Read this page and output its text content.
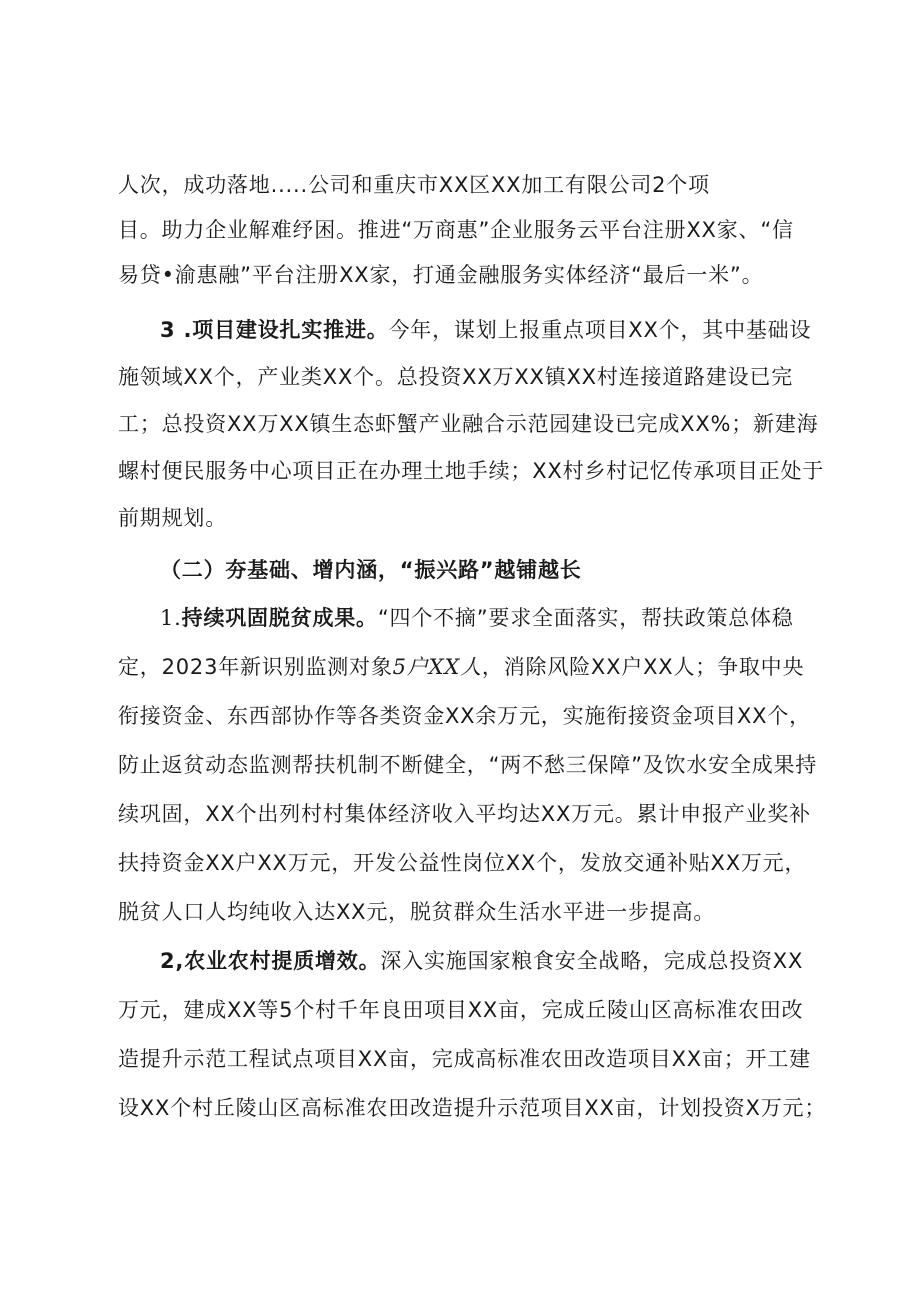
人次，成功落地.....公司和重庆市XX区XX加工有限公司2个项
目。助力企业解难纾困。推进“万商惠”企业服务云平台注册XX家、“信
易贷•渝惠融”平台注册XX家，打通金融服务实体经济“最后一米”。
3 .项目建设扎实推进。今年，谋划上报重点项目XX个，其中基础设
施领域XX个，产业类XX个。总投资XX万XX镇XX村连接道路建设已完
工；总投资XX万XX镇生态虾蟹产业融合示范园建设已完成XX%；新建海
螺村便民服务中心项目正在办理土地手续；XX村乡村记忆传承项目正处于
前期规划。
（二）夯基础、增内涵，“振兴路”越铺越长
1.持续巩固脱贫成果。“四个不摘”要求全面落实，帮扶政策总体稳
定，2023年新识别监测对象5户XX人，消除风险XX户XX人；争取中央
衔接资金、东西部协作等各类资金XX余万元，实施衔接资金项目XX个，
防止返贫动态监测帮扶机制不断健全，“两不愁三保障”及饮水安全成果持
续巩固，XX个出列村村集体经济收入平均达XX万元。累计申报产业奖补
扶持资金XX户XX万元，开发公益性岗位XX个，发放交通补贴XX万元，
脱贫人口人均纯收入达XX元，脱贫群众生活水平进一步提高。
2,农业农村提质增效。深入实施国家粮食安全战略，完成总投资XX
万元，建成XX等5个村千年良田项目XX亩，完成丘陵山区高标准农田改
造提升示范工程试点项目XX亩，完成高标准农田改造项目XX亩；开工建
设XX个村丘陵山区高标准农田改造提升示范项目XX亩，计划投资X万元；
